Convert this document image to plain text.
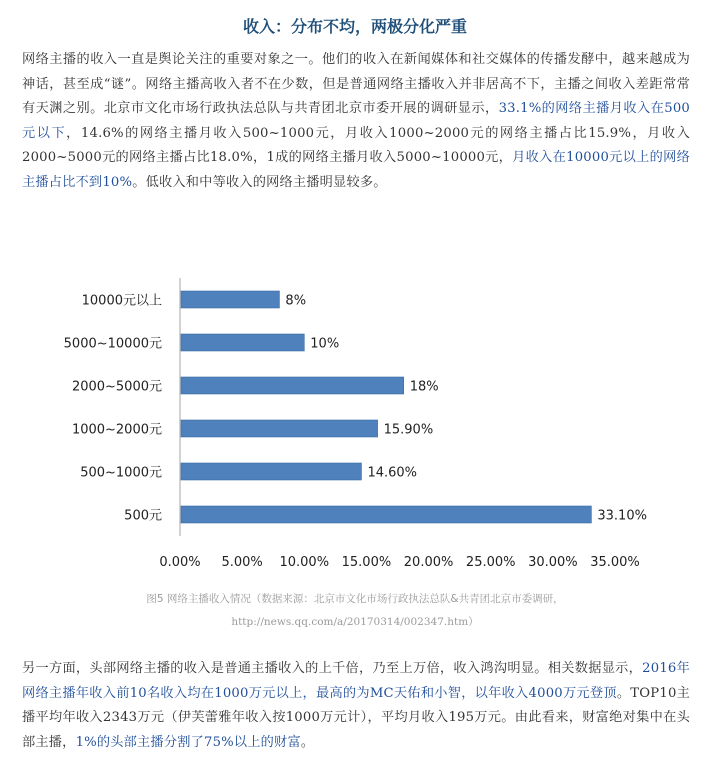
收入：分布不均，两极分化严重
网络主播的收入一直是舆论关注的重要对象之一。他们的收入在新闻媒体和社交媒体的传播发酵中，越来越成为神话，甚至成“谜”。网络主播高收入者不在少数，但是普通网络主播收入并非居高不下，主播之间收入差距常常有天渊之别。北京市文化市场行政执法总队与共青团北京市委开展的调研显示，33.1%的网络主播月收入在500元以下，14.6%的网络主播月收入500~1000元，月收入1000~2000元的网络主播占比15.9%，月收入2000~5000元的网络主播占比18.0%，1成的网络主播月收入5000~10000元，月收入在10000元以上的网络主播占比不到10%。低收入和中等收入的网络主播明显较多。
10000元以上	8%
5000~10000元	10%
2000~5000元	18%
1000~2000元	15.90%
500~1000元	14.60%
500元	33.10%
0.00% 5.00% 10.00% 15.00% 20.00% 25.00% 30.00% 35.00%
图5 网络主播收入情况（数据来源：北京市文化市场行政执法总队&共青团北京市委调研，
http://news.qq.com/a/20170314/002347.htm）
另一方面，头部网络主播的收入是普通主播收入的上千倍，乃至上万倍，收入鸿沟明显。相关数据显示，2016年网络主播年收入前10名收入均在1000万元以上，最高的为MC天佑和小智，以年收入4000万元登顶。TOP10主播平均年收入2343万元（伊芙蕾雅年收入按1000万元计），平均月收入195万元。由此看来，财富绝对集中在头部主播，1%的头部主播分割了75%以上的财富。
